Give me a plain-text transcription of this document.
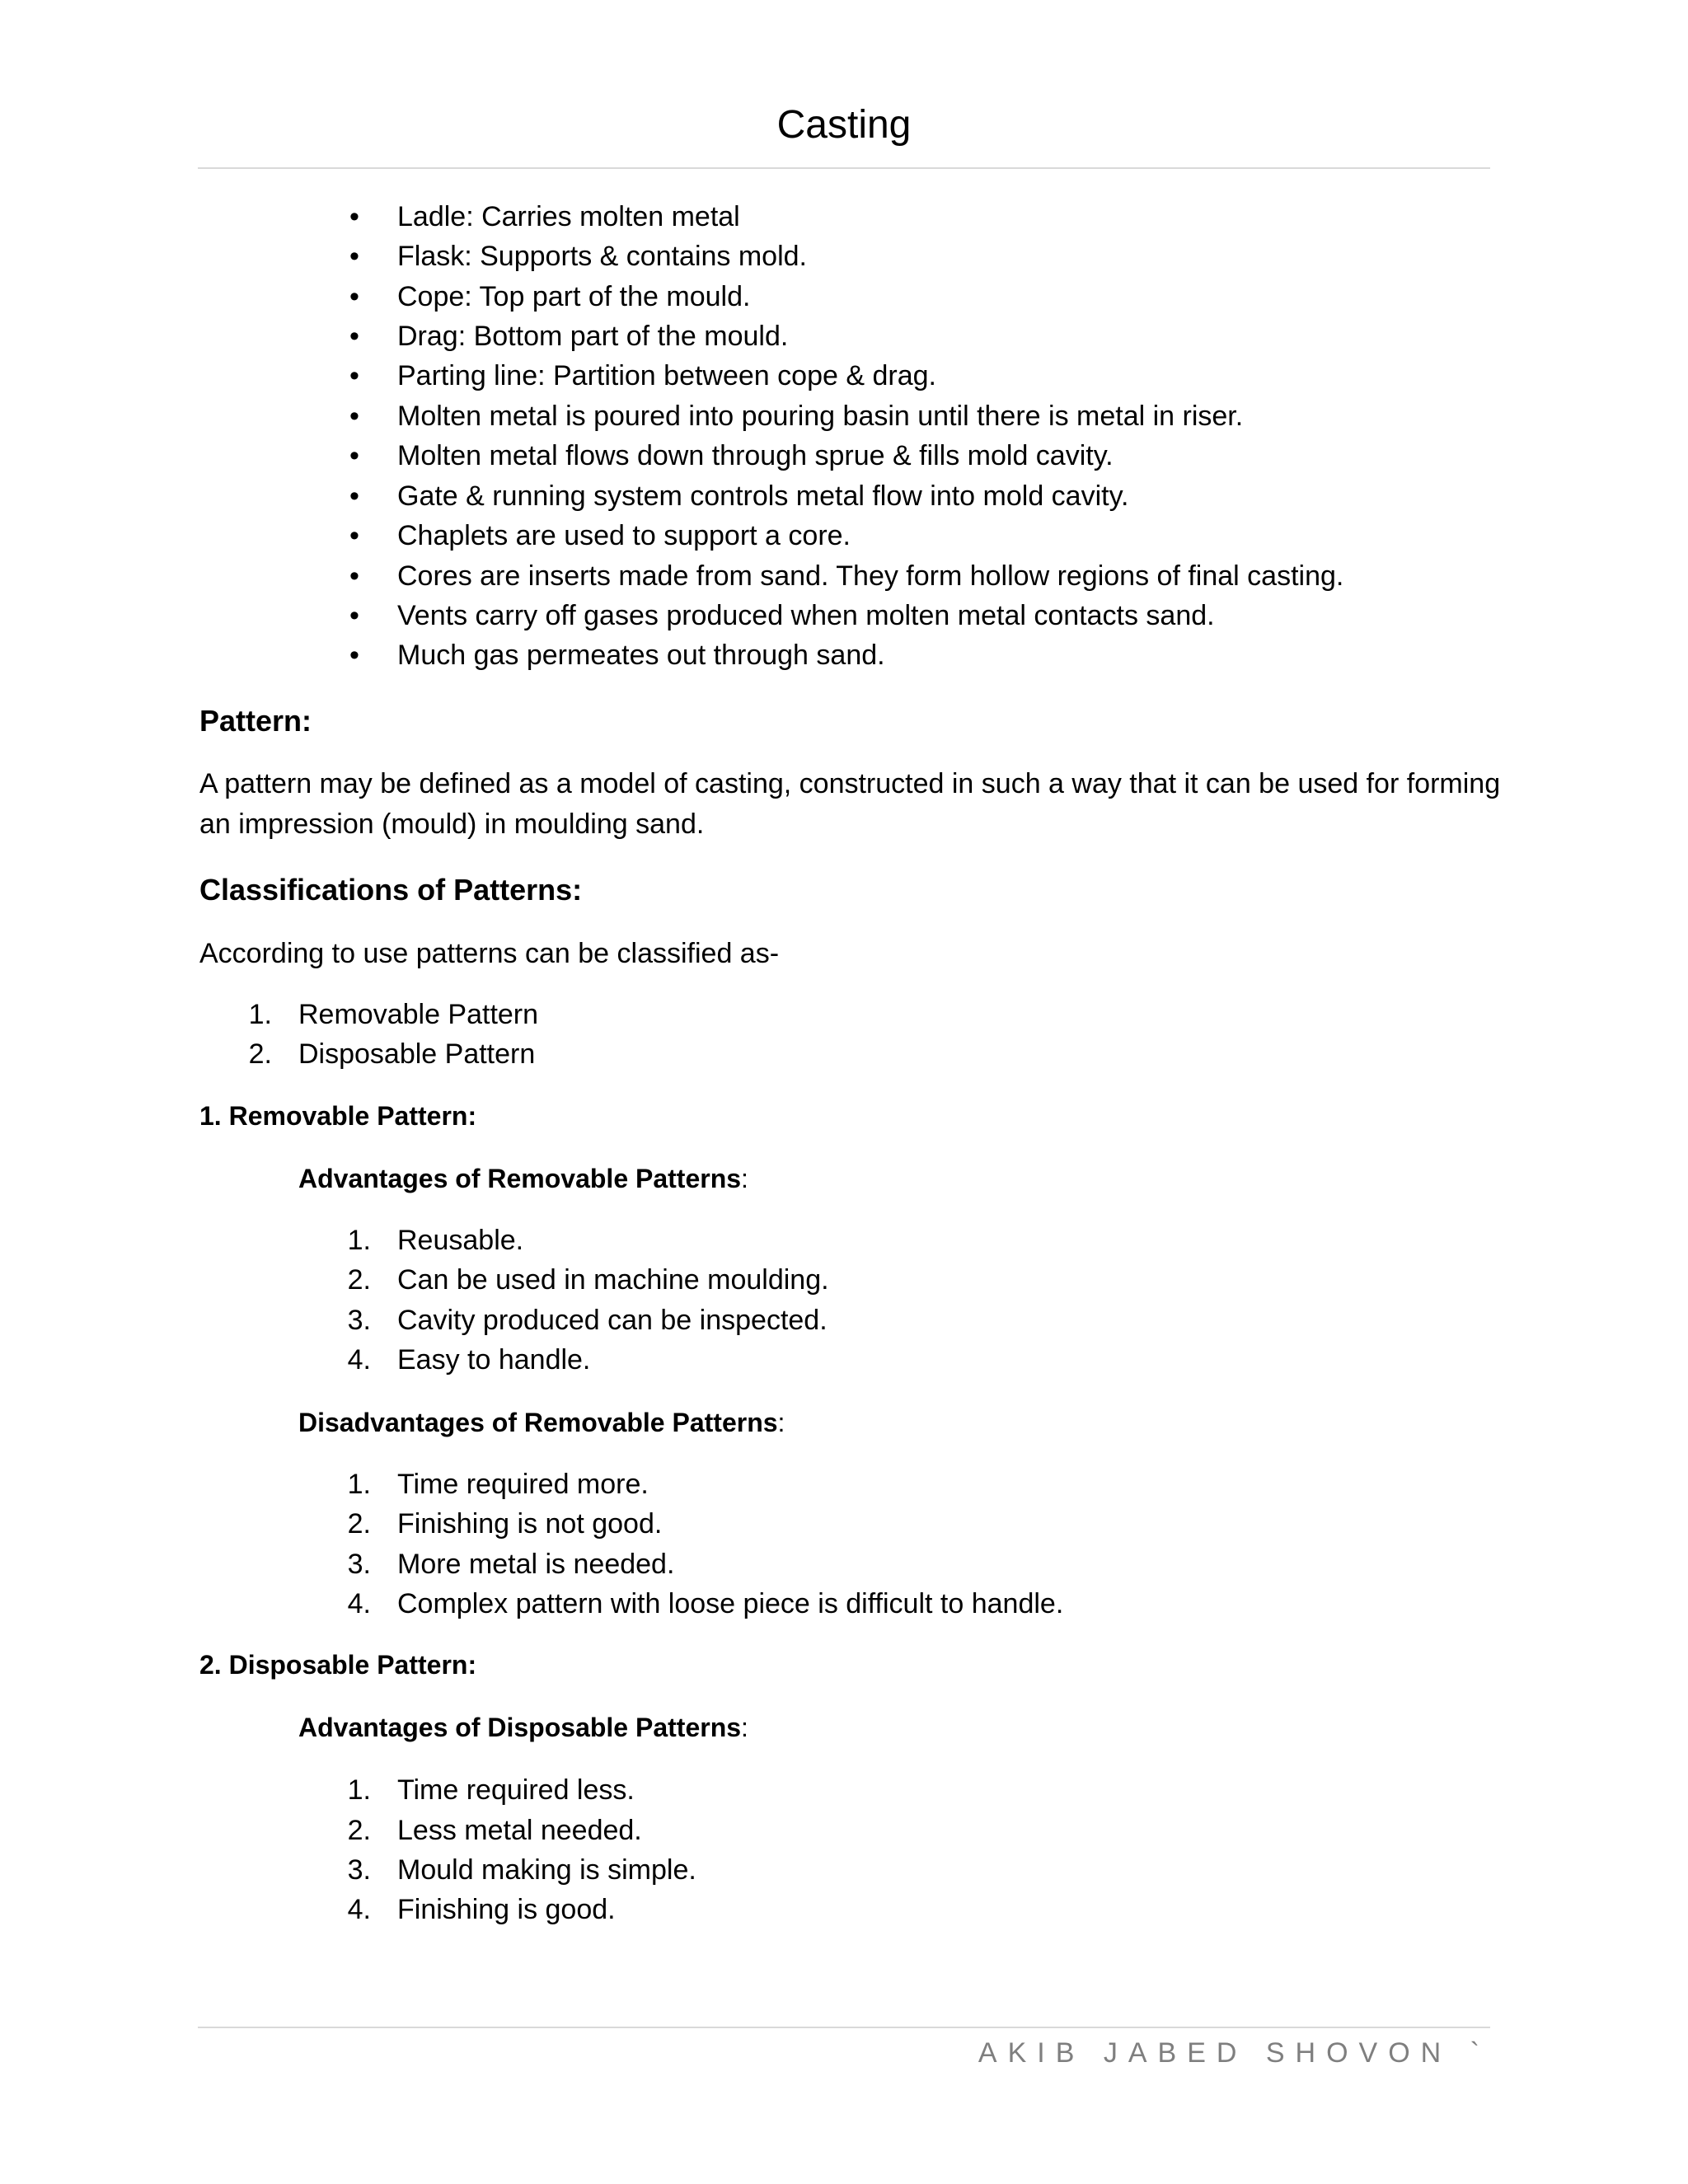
Casting
• Ladle: Carries molten metal
• Flask: Supports & contains mold.
• Cope: Top part of the mould.
• Drag: Bottom part of the mould.
• Parting line: Partition between cope & drag.
• Molten metal is poured into pouring basin until there is metal in riser.
• Molten metal flows down through sprue & fills mold cavity.
• Gate & running system controls metal flow into mold cavity.
• Chaplets are used to support a core.
• Cores are inserts made from sand. They form hollow regions of final casting.
• Vents carry off gases produced when molten metal contacts sand.
• Much gas permeates out through sand.
Pattern:
A pattern may be defined as a model of casting, constructed in such a way that it can be used for forming an impression (mould) in moulding sand.
Classifications of Patterns:
According to use patterns can be classified as-
1. Removable Pattern
2. Disposable Pattern
1. Removable Pattern:
Advantages of Removable Patterns:
1. Reusable.
2. Can be used in machine moulding.
3. Cavity produced can be inspected.
4. Easy to handle.
Disadvantages of Removable Patterns:
1. Time required more.
2. Finishing is not good.
3. More metal is needed.
4. Complex pattern with loose piece is difficult to handle.
2. Disposable Pattern:
Advantages of Disposable Patterns:
1. Time required less.
2. Less metal needed.
3. Mould making is simple.
4. Finishing is good.
AKIB JABED SHOVON `
